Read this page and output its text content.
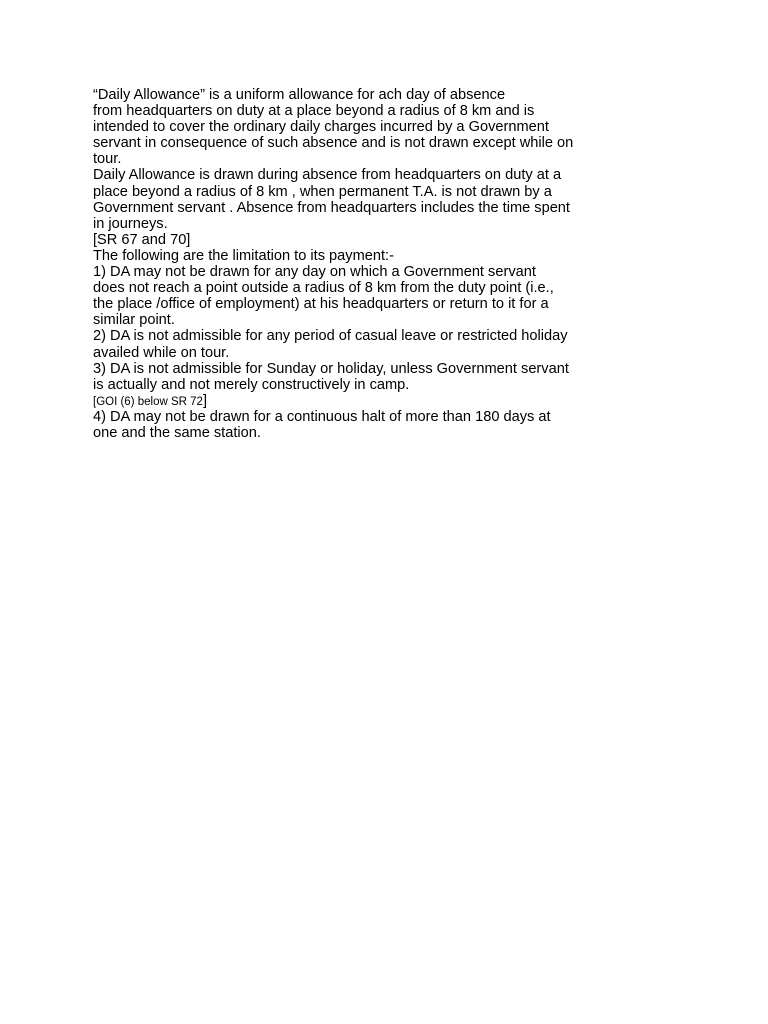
“Daily Allowance” is a uniform allowance for ach day of absence
from headquarters on duty at a place beyond a radius of 8 km and is
intended to cover the ordinary daily charges incurred by a Government
servant in consequence of such absence and is not drawn except while on
tour.
Daily Allowance is drawn during absence from headquarters on duty at a
place beyond a radius of 8 km , when permanent T.A. is not drawn by a
Government servant . Absence from headquarters includes the time spent
in journeys.
[SR 67 and 70]
The following are the limitation to its payment:-
1) DA may not be drawn for any day on which a Government servant
does not reach a point outside a radius of 8 km from the duty point (i.e.,
the place /office of employment) at his headquarters or return to it for a
similar point.
2) DA is not admissible for any period of casual leave or restricted holiday
availed while on tour.
3) DA is not admissible for Sunday or holiday, unless Government servant
is actually and not merely constructively in camp.
[GOI (6) below SR 72]
4) DA may not be drawn for a continuous halt of more than 180 days at
one and the same station.
